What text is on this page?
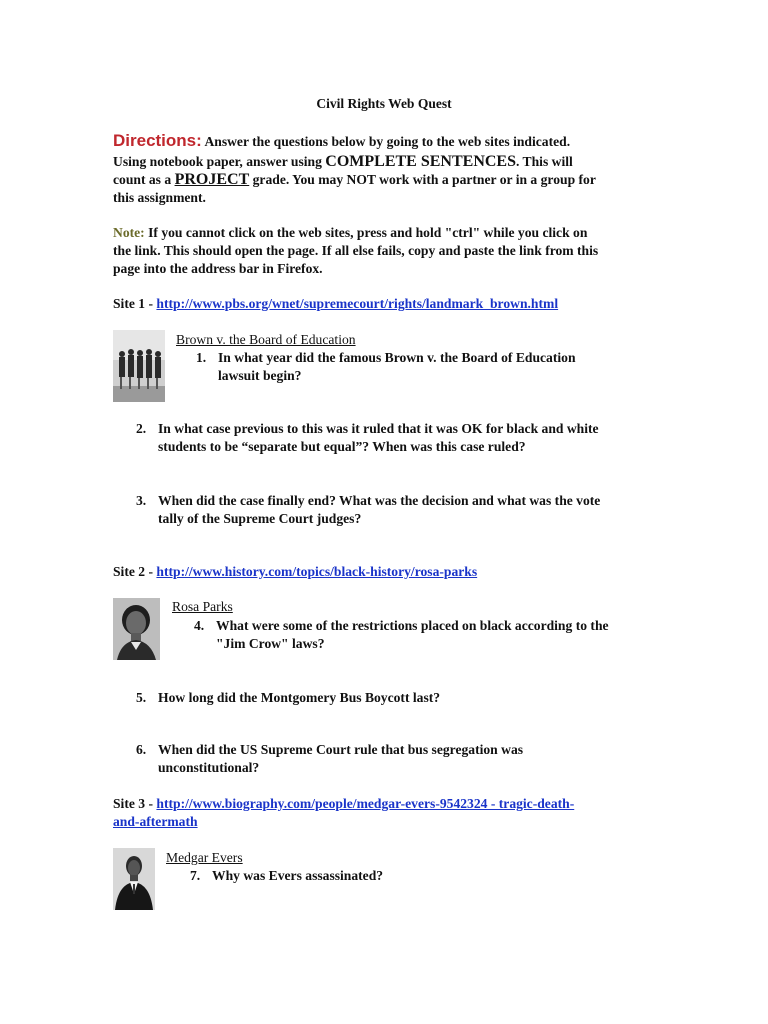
Civil Rights Web Quest
Directions: Answer the questions below by going to the web sites indicated.
Using notebook paper, answer using COMPLETE SENTENCES. This will
count as a PROJECT grade. You may NOT work with a partner or in a group for
this assignment.
Note: If you cannot click on the web sites, press and hold "ctrl" while you click on
the link. This should open the page. If all else fails, copy and paste the link from this
page into the address bar in Firefox.
Site 1 - http://www.pbs.org/wnet/supremecourt/rights/landmark_brown.html
Brown v. the Board of Education
1. In what year did the famous Brown v. the Board of Education
lawsuit begin?
2. In what case previous to this was it ruled that it was OK for black and white
students to be “separate but equal”? When was this case ruled?
3. When did the case finally end? What was the decision and what was the vote
tally of the Supreme Court judges?
Site 2 - http://www.history.com/topics/black-history/rosa-parks
Rosa Parks
4. What were some of the restrictions placed on black according to the
"Jim Crow" laws?
5. How long did the Montgomery Bus Boycott last?
6. When did the US Supreme Court rule that bus segregation was
unconstitutional?
Site 3 - http://www.biography.com/people/medgar-evers-9542324 - tragic-death-
and-aftermath
Medgar Evers
7. Why was Evers assassinated?
